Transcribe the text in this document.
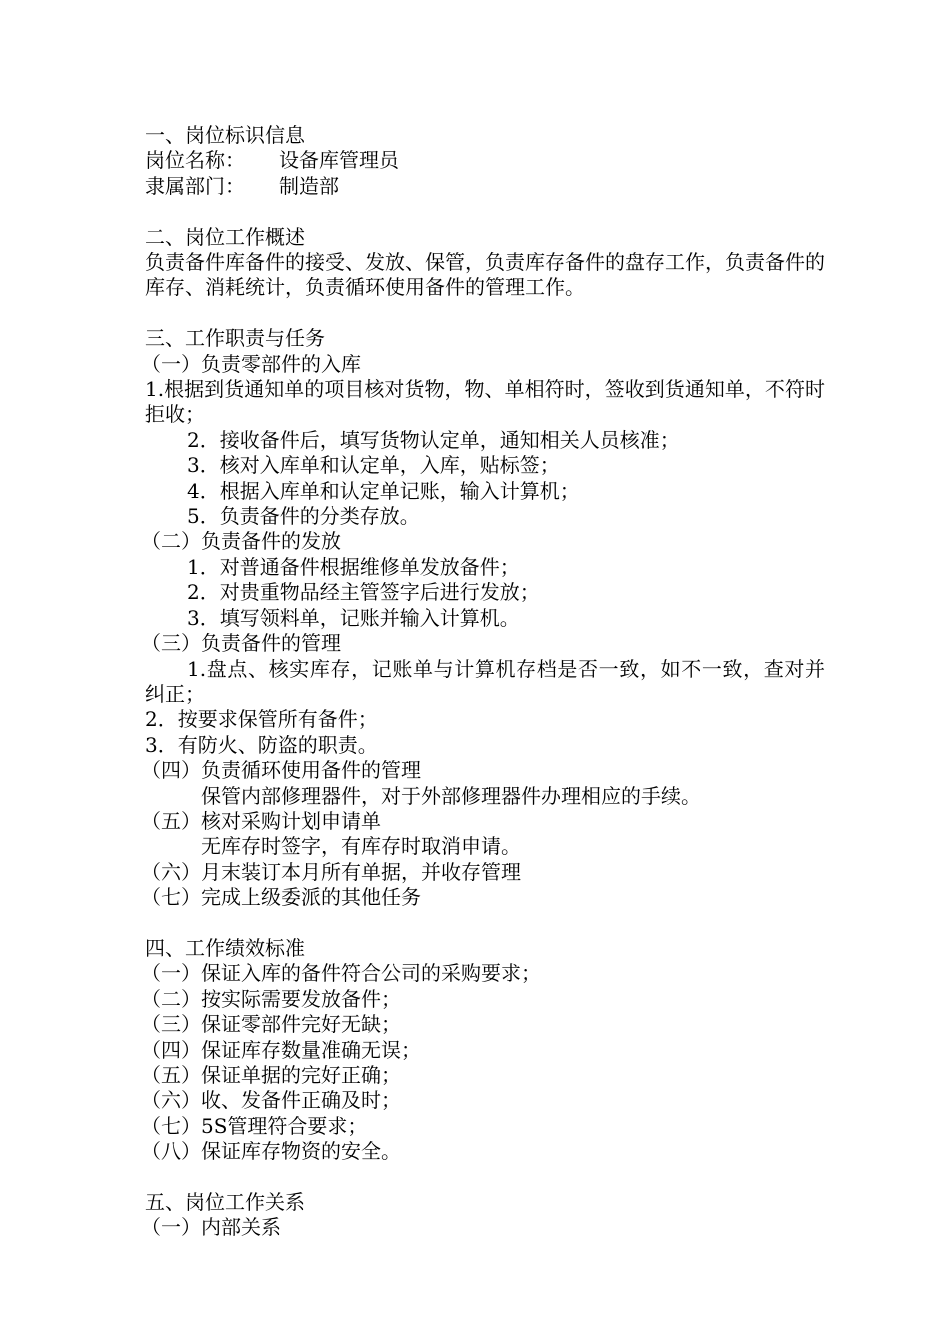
一、岗位标识信息
岗位名称： 设备库管理员
隶属部门： 制造部
二、岗位工作概述
负责备件库备件的接受、发放、保管，负责库存备件的盘存工作，负责备件的库存、消耗统计，负责循环使用备件的管理工作。
三、工作职责与任务
（一）负责零部件的入库
1.根据到货通知单的项目核对货物，物、单相符时，签收到货通知单，不符时拒收；
2．接收备件后，填写货物认定单，通知相关人员核准；
3．核对入库单和认定单，入库，贴标签；
4．根据入库单和认定单记账，输入计算机；
5．负责备件的分类存放。
（二）负责备件的发放
1．对普通备件根据维修单发放备件；
2．对贵重物品经主管签字后进行发放；
3．填写领料单，记账并输入计算机。
（三）负责备件的管理
1.盘点、核实库存，记账单与计算机存档是否一致，如不一致，查对并纠正；
2．按要求保管所有备件；
3．有防火、防盗的职责。
（四）负责循环使用备件的管理
保管内部修理器件，对于外部修理器件办理相应的手续。
（五）核对采购计划申请单
无库存时签字，有库存时取消申请。
（六）月末装订本月所有单据，并收存管理
（七）完成上级委派的其他任务
四、工作绩效标准
（一）保证入库的备件符合公司的采购要求；
（二）按实际需要发放备件；
（三）保证零部件完好无缺；
（四）保证库存数量准确无误；
（五）保证单据的完好正确；
（六）收、发备件正确及时；
（七）5S管理符合要求；
（八）保证库存物资的安全。
五、岗位工作关系
（一）内部关系
